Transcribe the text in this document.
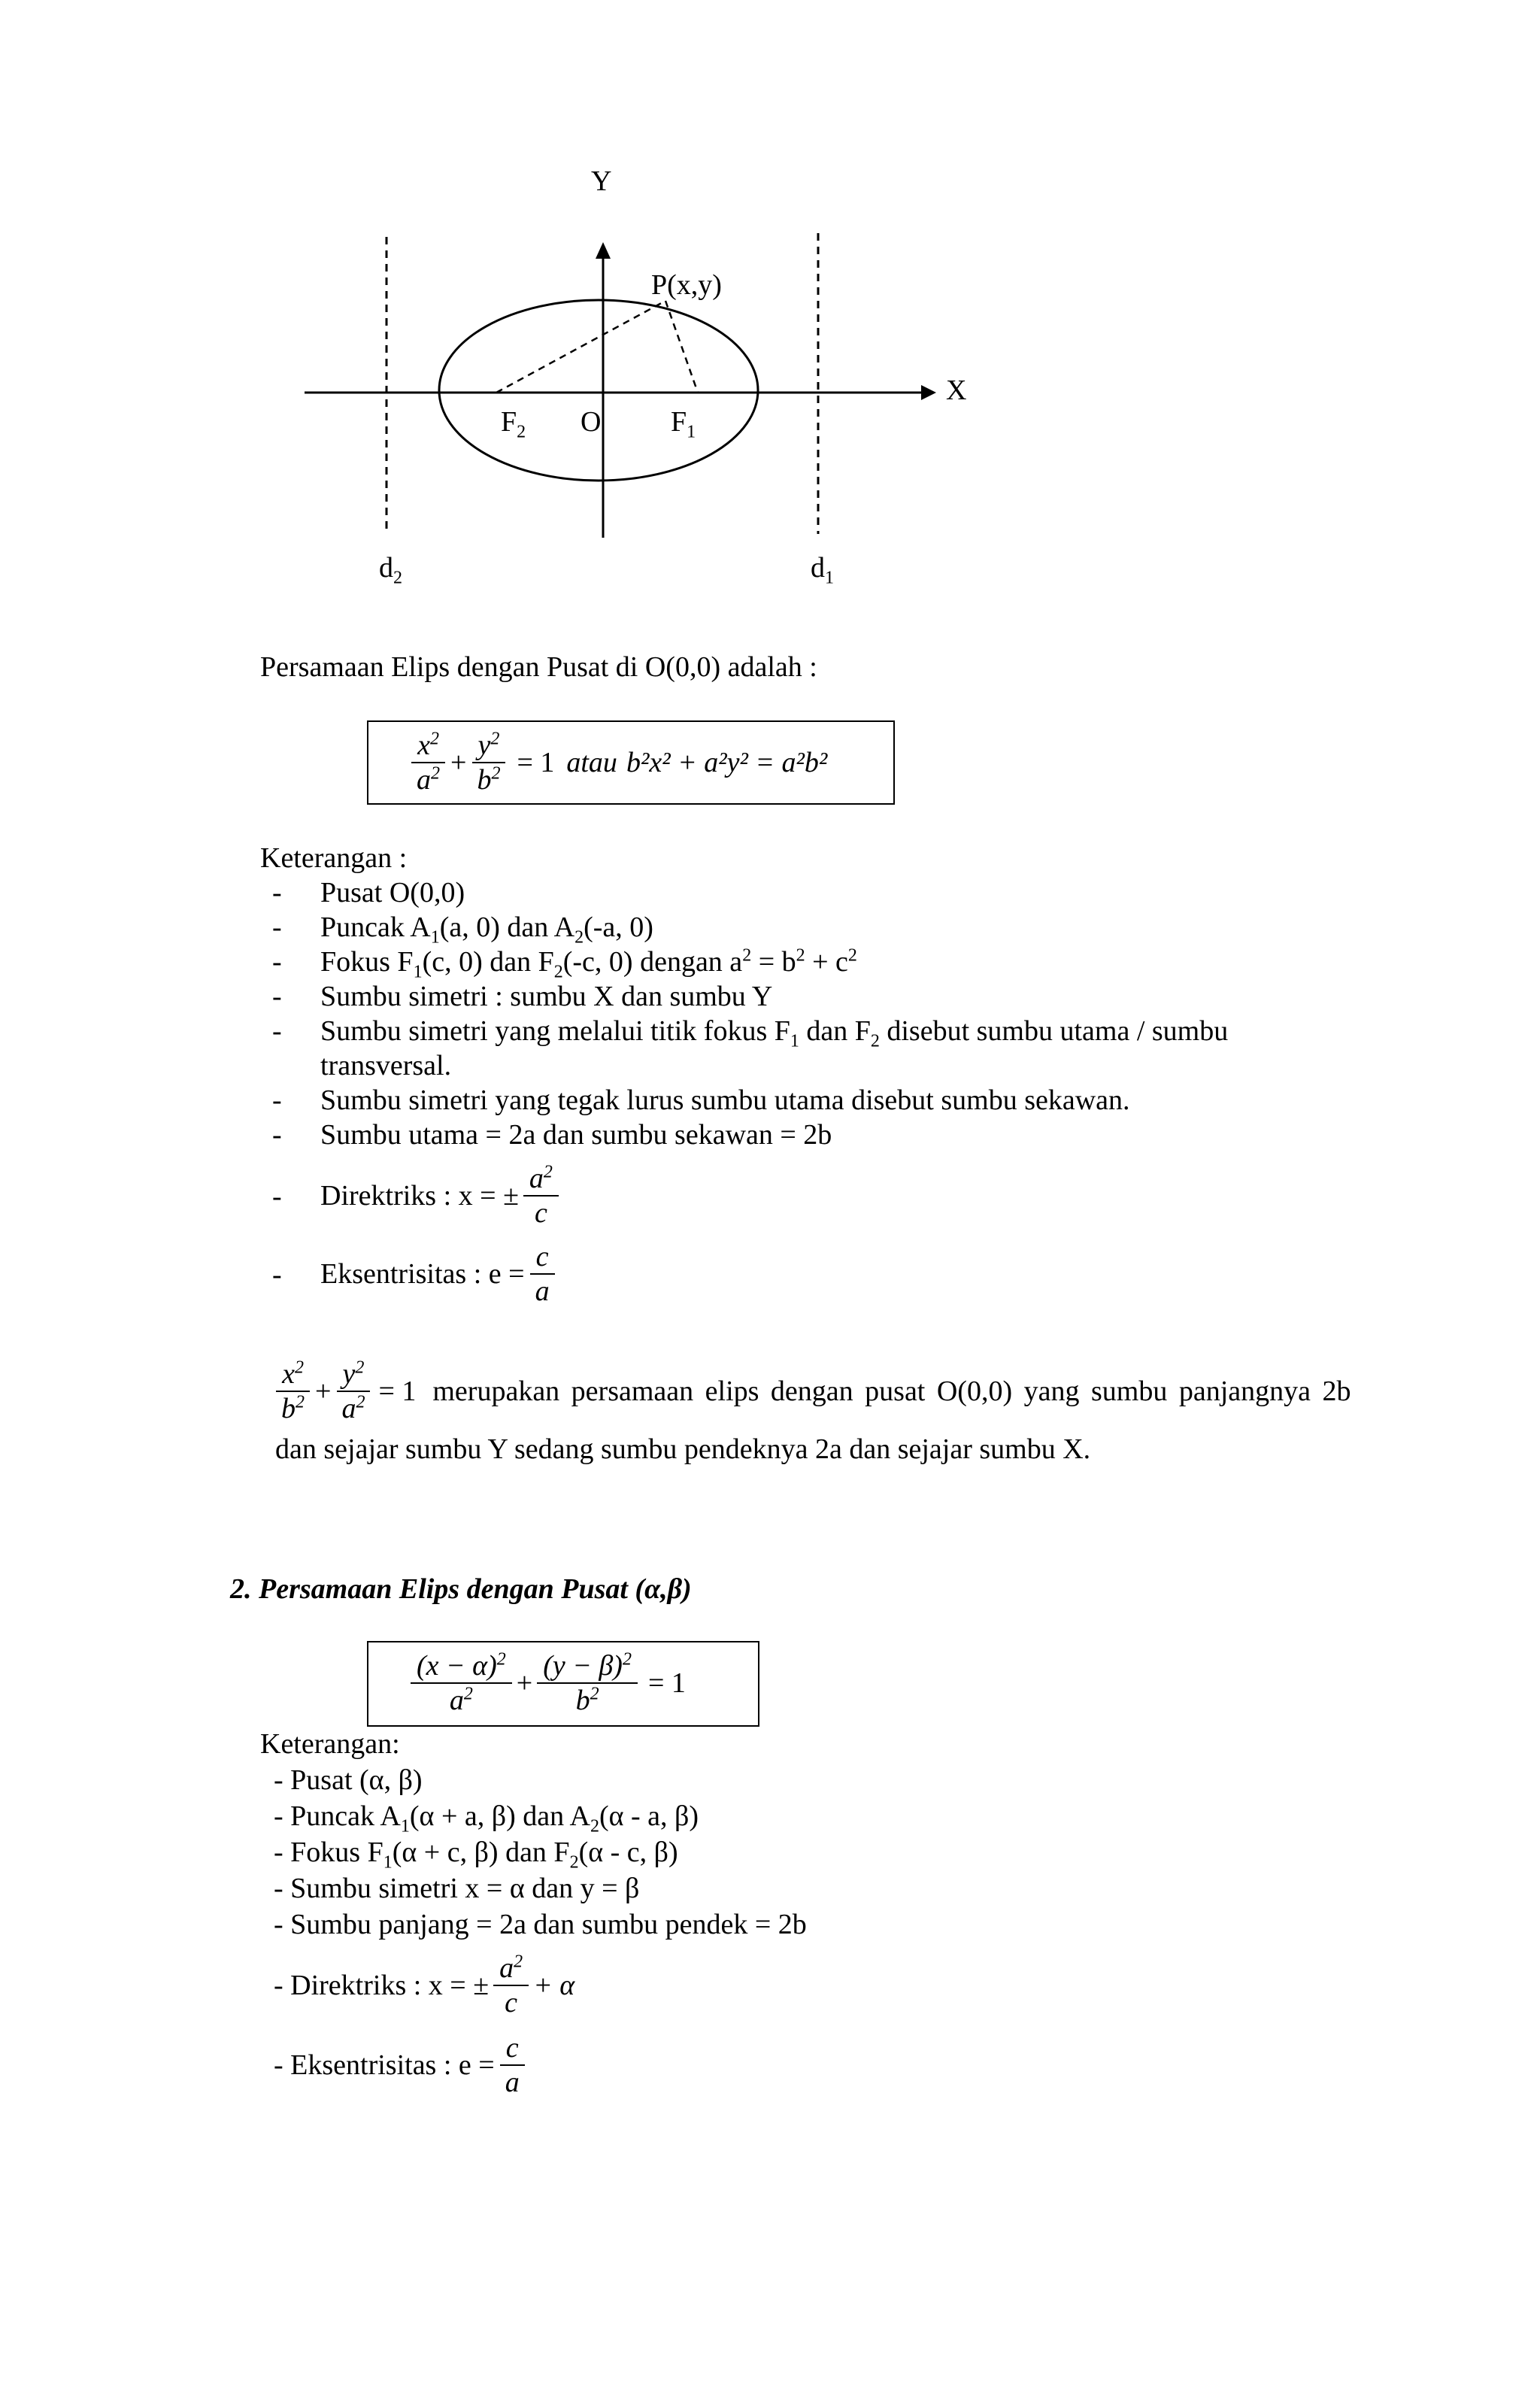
Y
X
P(x,y)
$F_2$ O $F_1$
$d_2$	$d_1$
Persamaan Elips dengan Pusat di O(0,0) adalah :
$\frac{x^2}{a^2} + \frac{y^2}{b^2} = 1$ atau b²x² + a²y² = a²b²
Keterangan :
- Pusat O(0,0)
- Puncak $A_1(a$, 0) dan $A_2(-a$, 0)
- Fokus $F_1(c$, 0) dan $F_2(-c$, 0) dengan $a^2 = b^2 + c^2$
- Sumbu simetri : sumbu X dan sumbu Y
- Sumbu simetri yang melalui titik fokus $F_1$ dan $F_2$ disebut sumbu utama / sumbu
transversal.
- Sumbu simetri yang tegak lurus sumbu utama disebut sumbu sekawan.
- Sumbu utama = 2a dan sumbu sekawan = 2b
- Direktriks : x = ± $\frac{a^2}{c}$
- Eksentrisitas : $e = \frac{c}{a}$
$\frac{x^2}{b^2} + \frac{y^2}{a^2} = 1$ merupakan persamaan elips dengan pusat O(0,0) yang sumbu panjangnya 2b
dan sejajar sumbu Y sedang sumbu pendeknya 2a dan sejajar sumbu X.
2. Persamaan Elips dengan Pusat (α,β)
$\frac{(x - \alpha)^2}{a^2} + \frac{(y - \beta)^2}{b^2} = 1$
Keterangan:
- Pusat (α, β)
- Puncak $A_1(\alpha + a$, β) dan $A_2(\alpha$ - a, β)
- Fokus $F_1(\alpha + c$, β) dan $F_2(\alpha$ - c, β)
- Sumbu simetri x = α dan y = β
- Sumbu panjang = 2a dan sumbu pendek = 2b
- Direktriks : x = ± $\frac{a^2}{c} + \alpha$
- Eksentrisitas : $e = \frac{c}{a}$
